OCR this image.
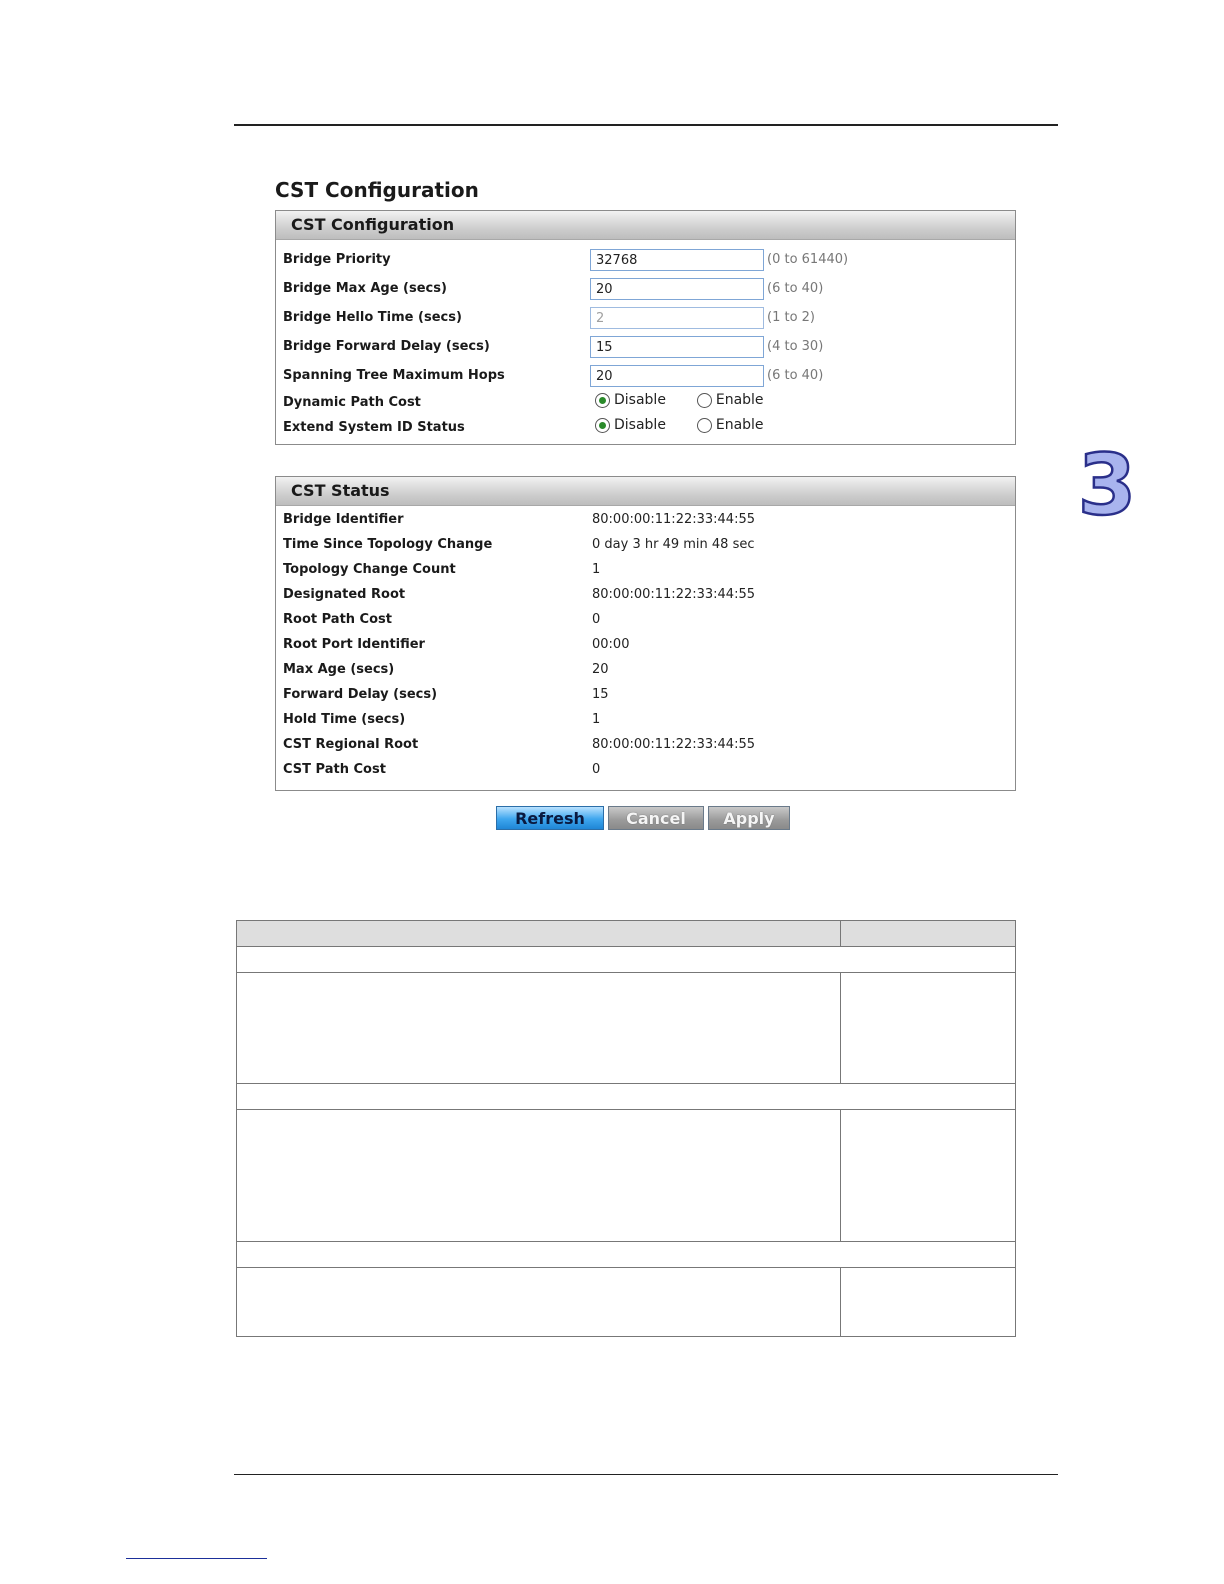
CST Configuration
CST Configuration
Bridge Priority
32768	(0 to 61440)
Bridge Max Age (secs)
20	(6 to 40)
Bridge Hello Time (secs)
2	(1 to 2)
Bridge Forward Delay (secs)
15	(4 to 30)
Spanning Tree Maximum Hops
20	(6 to 40)
Dynamic Path Cost	Disable	Enable
Extend System ID Status	Disable	Enable
CST Status
Bridge Identifier	80:00:00:11:22:33:44:55
Time Since Topology Change	0 day 3 hr 49 min 48 sec
Topology Change Count	1
Designated Root	80:00:00:11:22:33:44:55
Root Path Cost	0
Root Port Identifier	00:00
Max Age (secs)	20
Forward Delay (secs)	15
Hold Time (secs)	1
CST Regional Root	80:00:00:11:22:33:44:55
CST Path Cost	0
Refresh	Cancel	Apply
3
